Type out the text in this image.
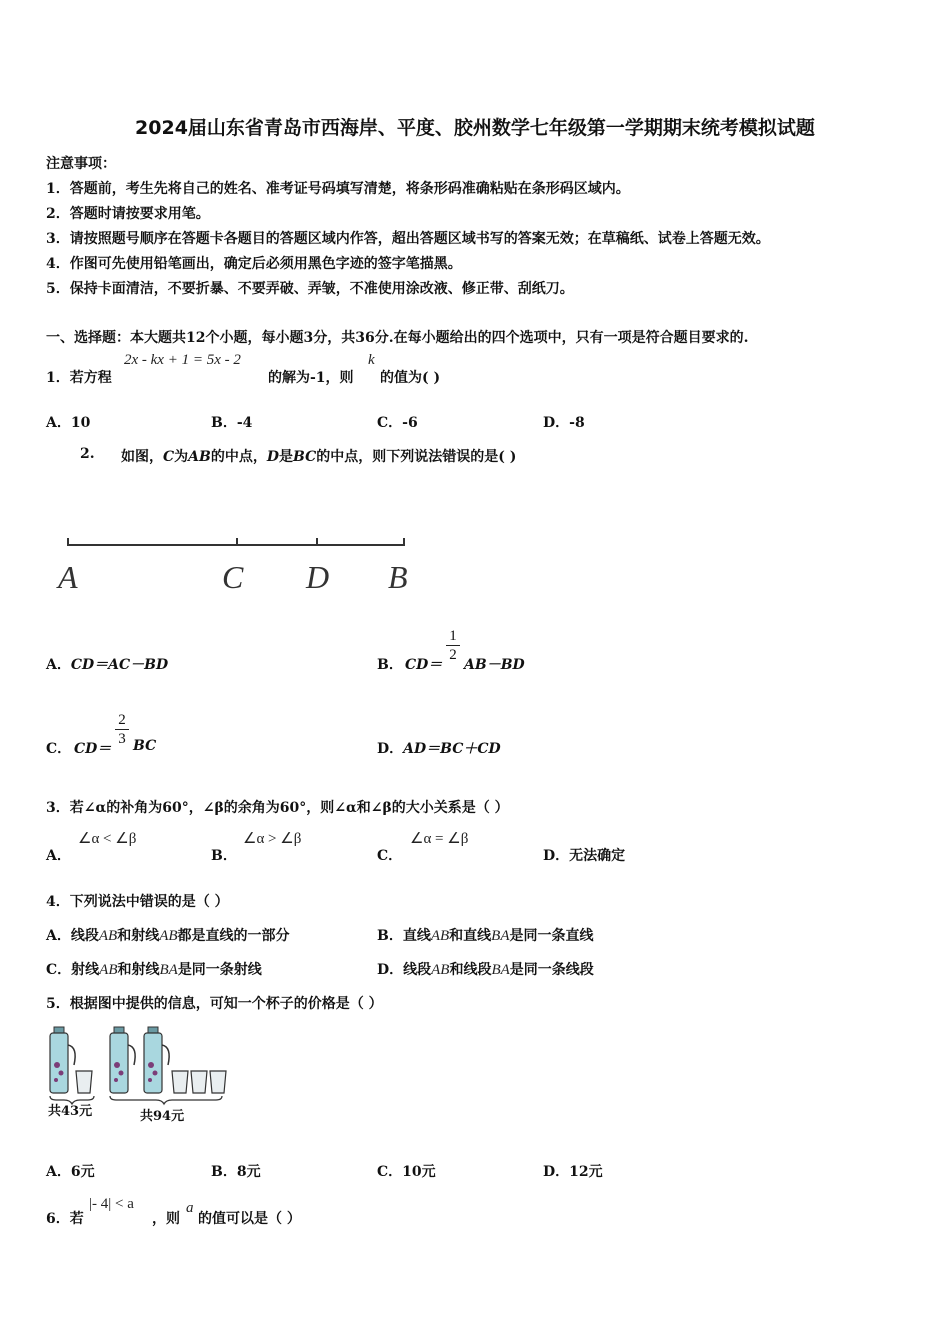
2024届山东省青岛市西海岸、平度、胶州数学七年级第一学期期末统考模拟试题
注意事项：
1．答题前，考生先将自己的姓名、准考证号码填写清楚，将条形码准确粘贴在条形码区域内。
2．答题时请按要求用笔。
3．请按照题号顺序在答题卡各题目的答题区域内作答，超出答题区域书写的答案无效；在草稿纸、试卷上答题无效。
4．作图可先使用铅笔画出，确定后必须用黑色字迹的签字笔描黑。
5．保持卡面清洁，不要折暴、不要弄破、弄皱，不准使用涂改液、修正带、刮纸刀。
一、选择题：本大题共12个小题，每小题3分，共36分.在每小题给出的四个选项中，只有一项是符合题目要求的.
1．若方程
2x - kx + 1 = 5x - 2
的解为-1，则
k
的值为( )
A．10	B．-4	C．-6	D．-8
2. 如图，C为AB的中点，D是BC的中点，则下列说法错误的是( )
A	C D B
A．CD＝AC－BD	B． CD＝
1
2
AB－BD
C． CD＝
2
3 BC	D．AD＝BC＋CD
3．若∠α的补角为60°，∠β的余角为60°，则∠α和∠β的大小关系是（ ）
A．
∠α < ∠β
B．
∠α > ∠β
C．
∠α = ∠β
D．无法确定
4．下列说法中错误的是（ ）
A．线段AB和射线AB都是直线的一部分	B．直线AB和直线BA是同一条直线
C．射线AB和射线BA是同一条射线	D．线段AB和线段BA是同一条线段
5．根据图中提供的信息，可知一个杯子的价格是（ ）
共43元	共94元
A．6元	B．8元	C．10元	D．12元
6．若
|- 4| < a
，则
a
的值可以是（ ）
